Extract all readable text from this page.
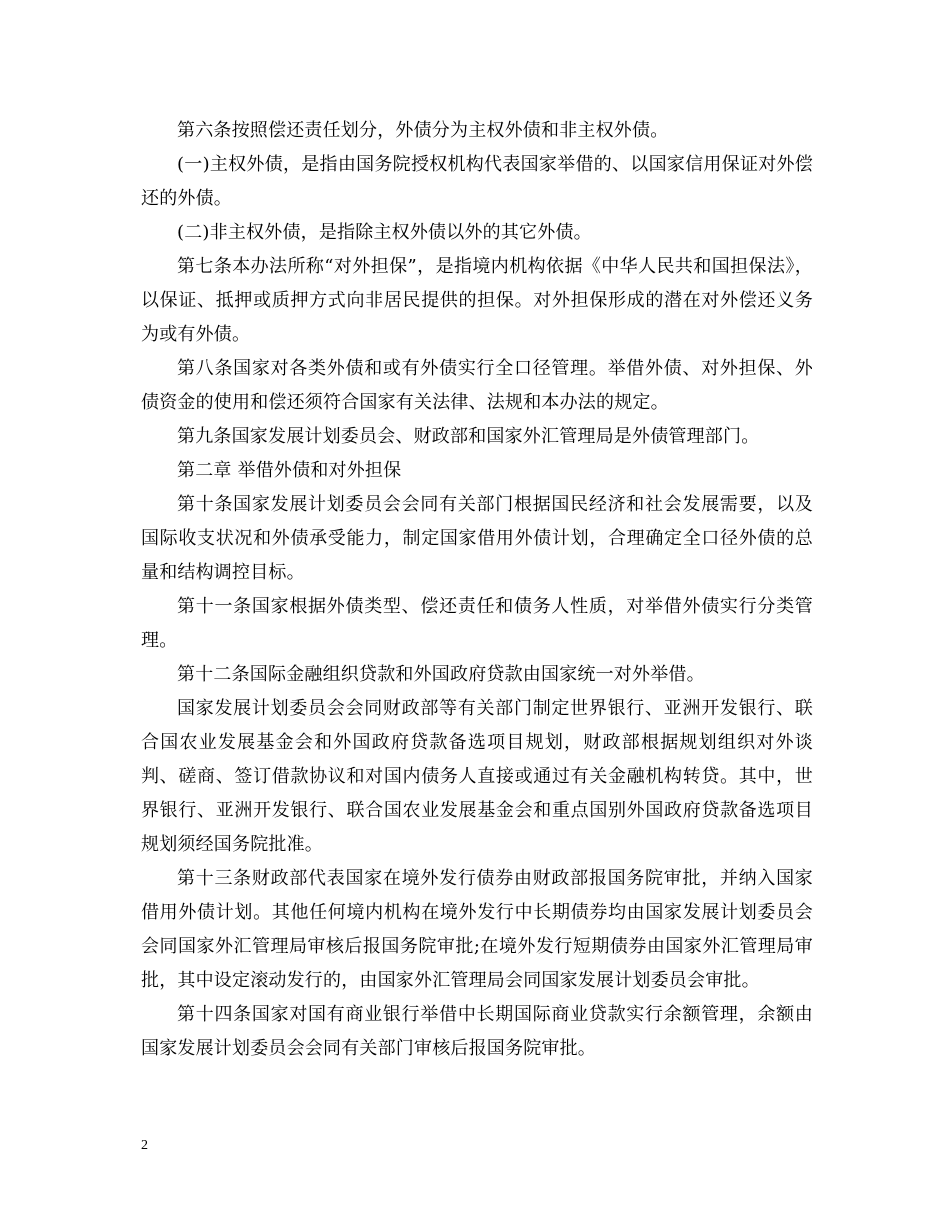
第六条按照偿还责任划分，外债分为主权外债和非主权外债。

(一)主权外债，是指由国务院授权机构代表国家举借的、以国家信用保证对外偿还的外债。

(二)非主权外债，是指除主权外债以外的其它外债。

第七条本办法所称“对外担保”，是指境内机构依据《中华人民共和国担保法》，以保证、抵押或质押方式向非居民提供的担保。对外担保形成的潜在对外偿还义务为或有外债。

第八条国家对各类外债和或有外债实行全口径管理。举借外债、对外担保、外债资金的使用和偿还须符合国家有关法律、法规和本办法的规定。

第九条国家发展计划委员会、财政部和国家外汇管理局是外债管理部门。

第二章 举借外债和对外担保

第十条国家发展计划委员会会同有关部门根据国民经济和社会发展需要，以及国际收支状况和外债承受能力，制定国家借用外债计划，合理确定全口径外债的总量和结构调控目标。

第十一条国家根据外债类型、偿还责任和债务人性质，对举借外债实行分类管理。

第十二条国际金融组织贷款和外国政府贷款由国家统一对外举借。

国家发展计划委员会会同财政部等有关部门制定世界银行、亚洲开发银行、联合国农业发展基金会和外国政府贷款备选项目规划，财政部根据规划组织对外谈判、磋商、签订借款协议和对国内债务人直接或通过有关金融机构转贷。其中，世界银行、亚洲开发银行、联合国农业发展基金会和重点国别外国政府贷款备选项目规划须经国务院批准。

第十三条财政部代表国家在境外发行债券由财政部报国务院审批，并纳入国家借用外债计划。其他任何境内机构在境外发行中长期债券均由国家发展计划委员会会同国家外汇管理局审核后报国务院审批;在境外发行短期债券由国家外汇管理局审批，其中设定滚动发行的，由国家外汇管理局会同国家发展计划委员会审批。

第十四条国家对国有商业银行举借中长期国际商业贷款实行余额管理，余额由国家发展计划委员会会同有关部门审核后报国务院审批。

2
